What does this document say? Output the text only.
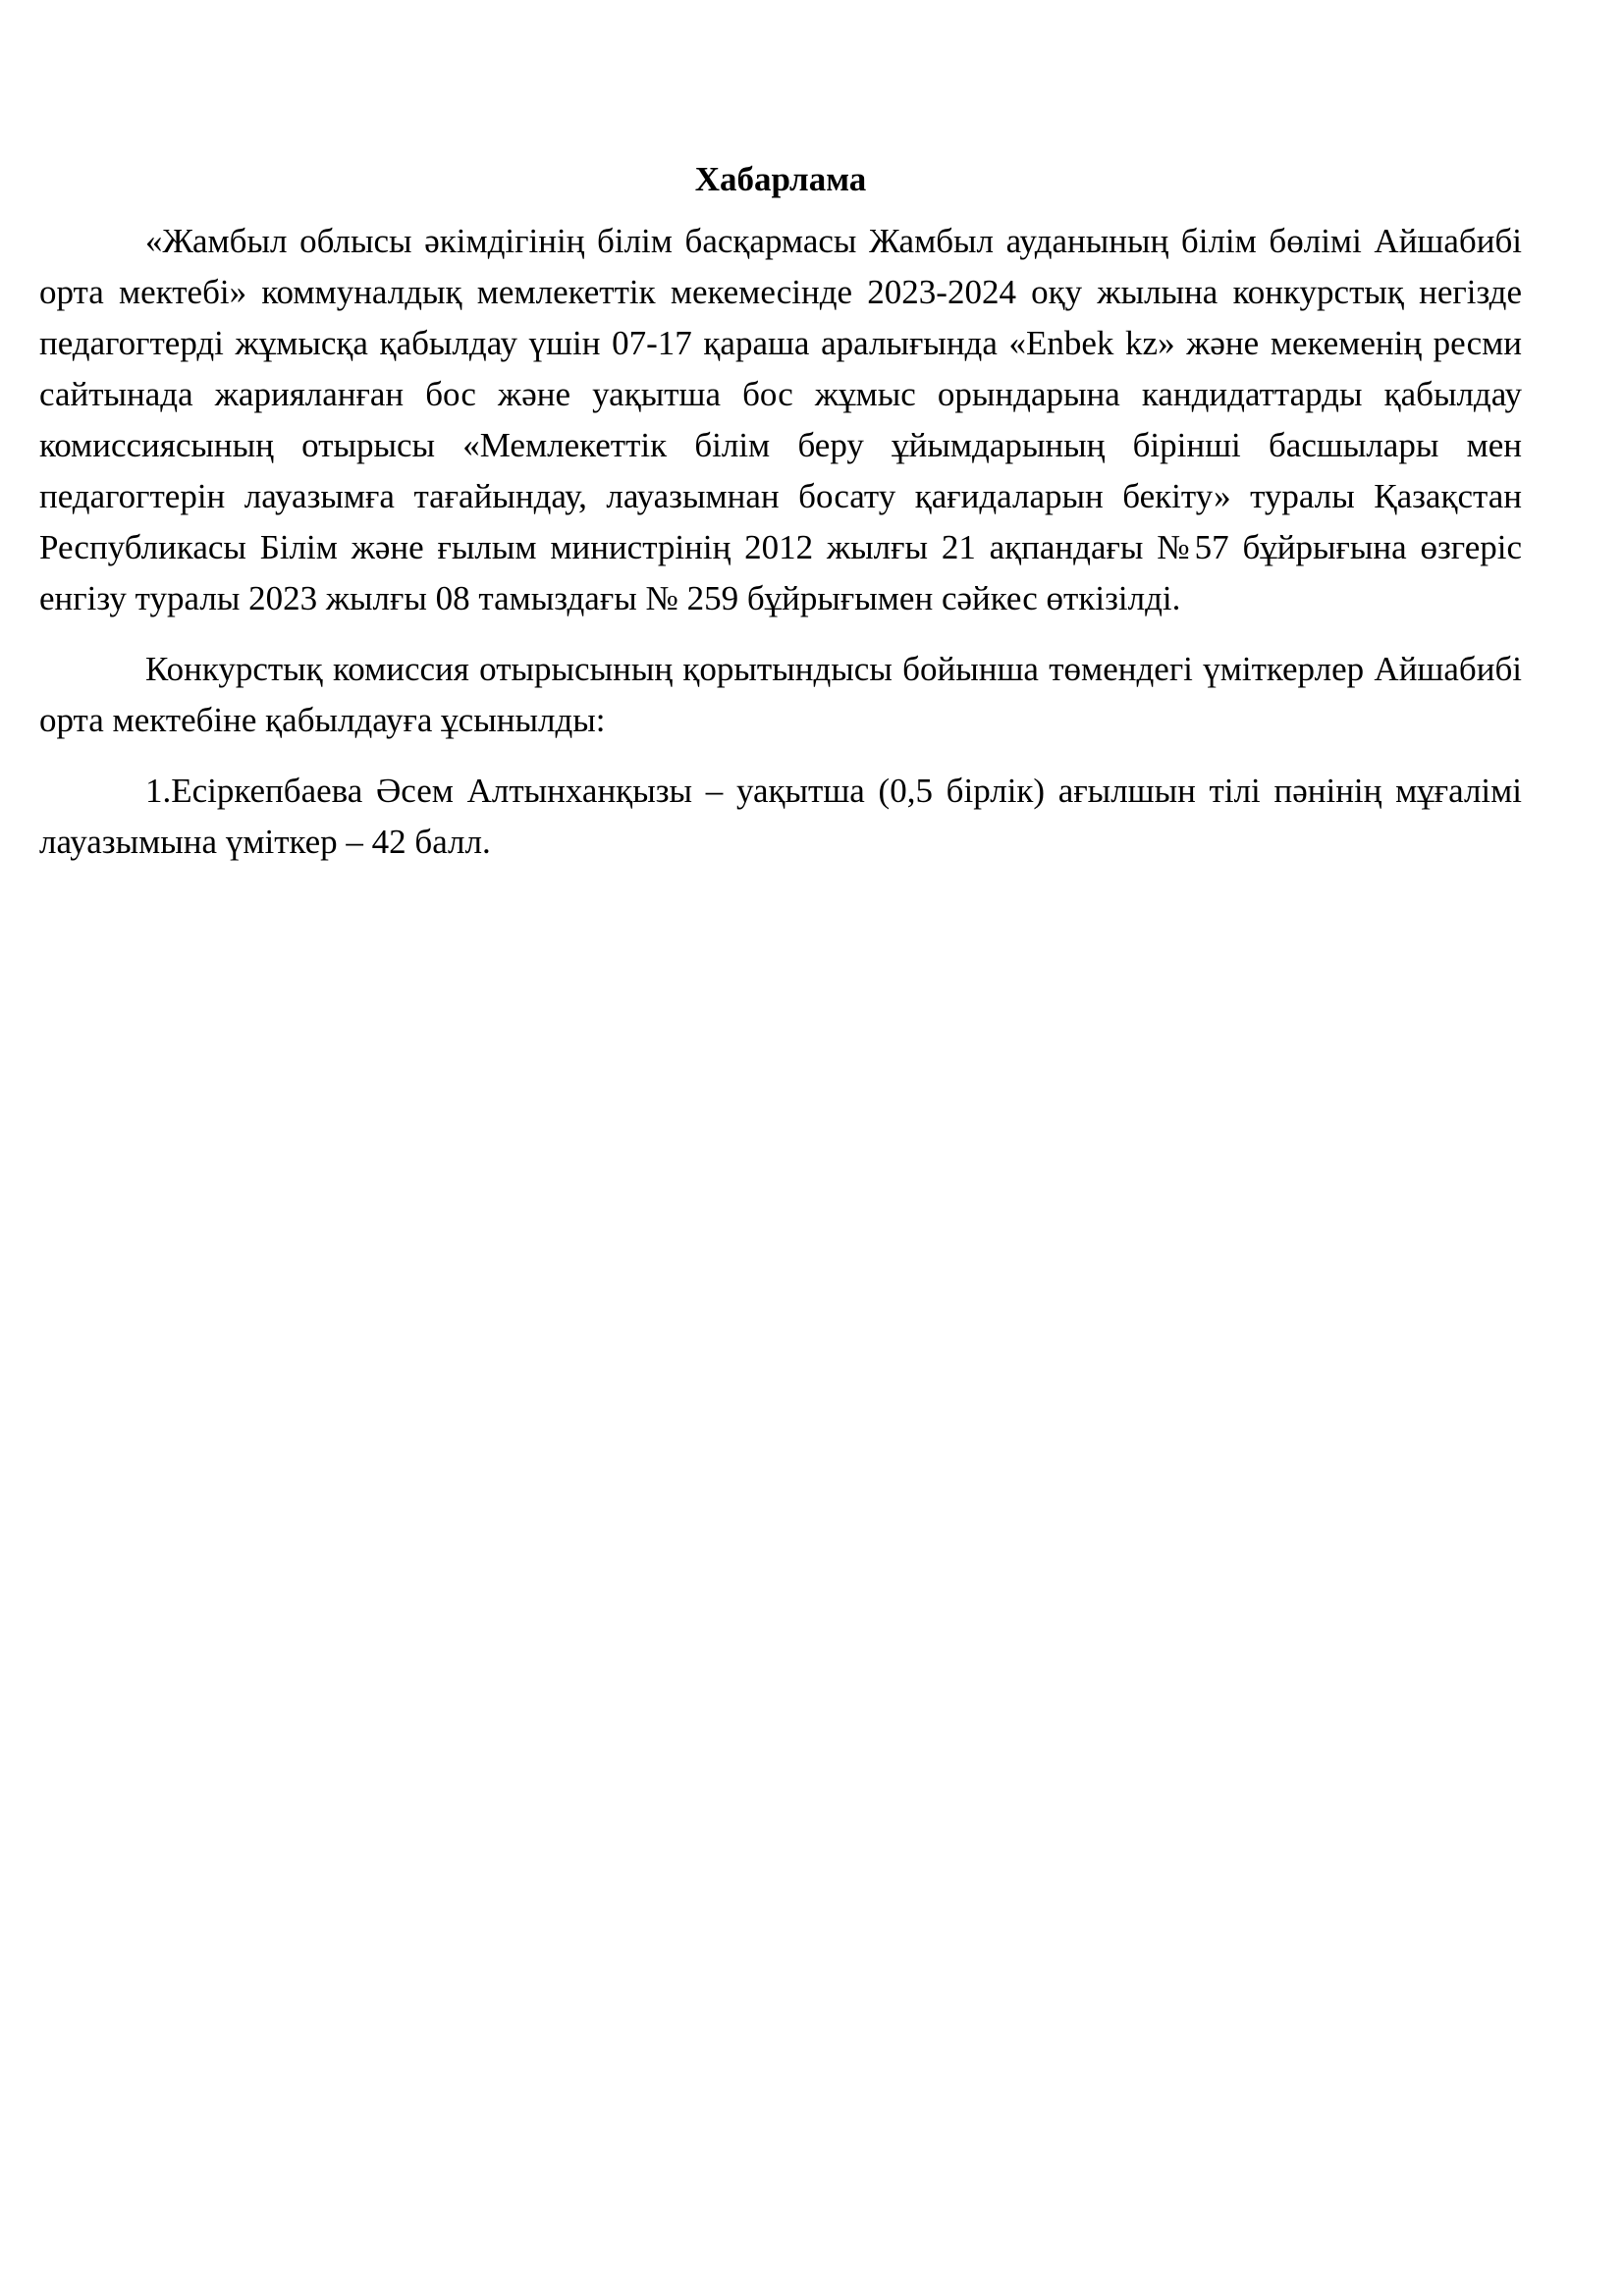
Хабарлама

«Жамбыл облысы әкімдігінің білім басқармасы Жамбыл ауданының білім бөлімі Айшабибі орта мектебі» коммуналдық мемлекеттік мекемесінде 2023-2024 оқу жылына конкурстық негізде педагогтерді жұмысқа қабылдау үшін 07-17 қараша аралығында «Enbek kz» және мекеменің ресми сайтынада жарияланған бос және уақытша бос жұмыс орындарына кандидаттарды қабылдау комиссиясының отырысы «Мемлекеттік білім беру ұйымдарының бірінші басшылары мен педагогтерін лауазымға тағайындау, лауазымнан босату қағидаларын бекіту» туралы Қазақстан Республикасы Білім және ғылым министрінің 2012 жылғы 21 ақпандағы №57 бұйрығына өзгеріс енгізу туралы 2023 жылғы 08 тамыздағы № 259 бұйрығымен сәйкес өткізілді.

Конкурстық комиссия отырысының қорытындысы бойынша төмендегі үміткерлер Айшабибі орта мектебіне қабылдауға ұсынылды:

1.Есіркепбаева Әсем Алтынханқызы – уақытша (0,5 бірлік) ағылшын тілі пәнінің мұғалімі лауазымына үміткер – 42 балл.
